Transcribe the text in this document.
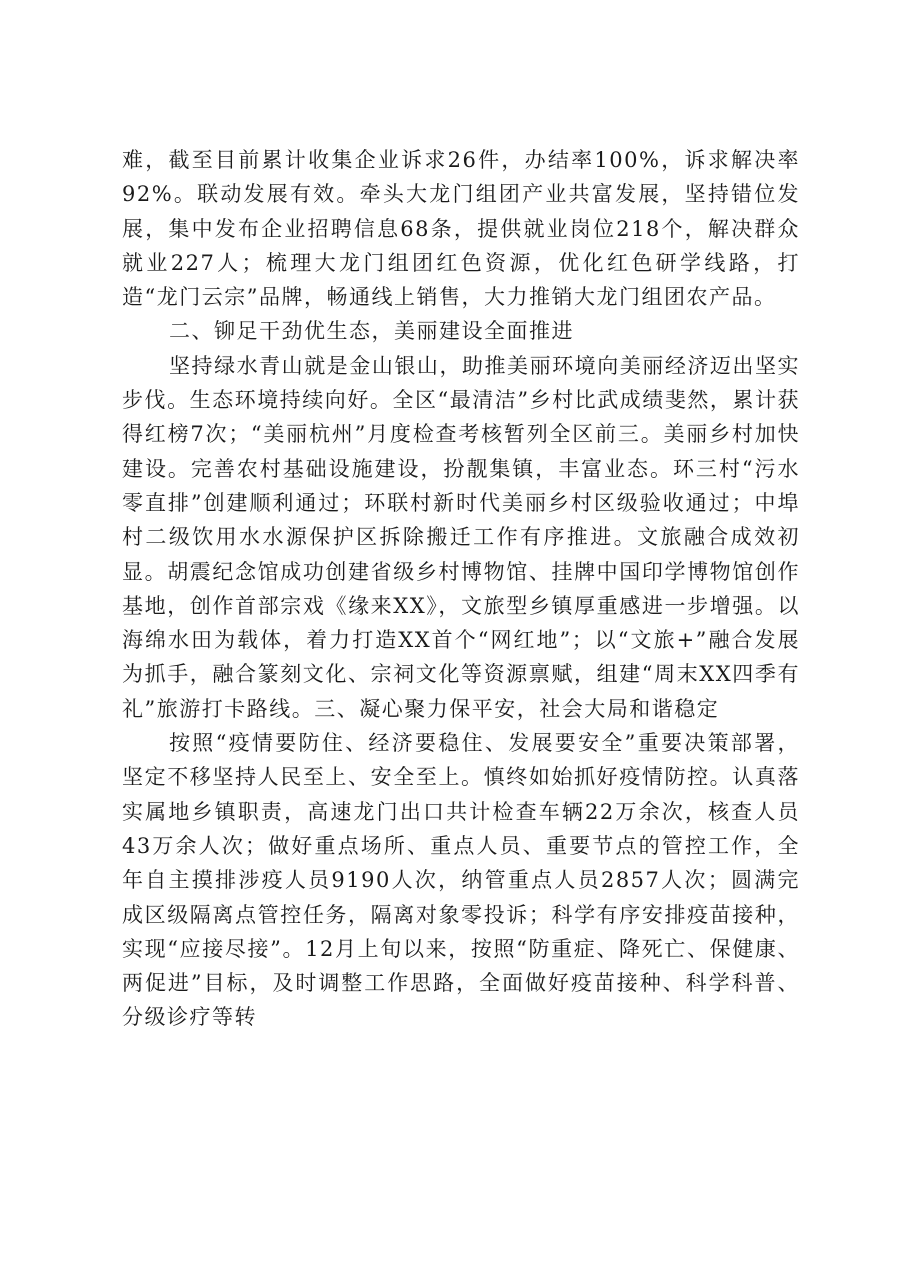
难，截至目前累计收集企业诉求26件，办结率100%，诉求解决率92%。联动发展有效。牵头大龙门组团产业共富发展，坚持错位发展，集中发布企业招聘信息68条，提供就业岗位218个，解决群众就业227人；梳理大龙门组团红色资源，优化红色研学线路，打造“龙门云宗”品牌，畅通线上销售，大力推销大龙门组团农产品。

二、铆足干劲优生态，美丽建设全面推进

坚持绿水青山就是金山银山，助推美丽环境向美丽经济迈出坚实步伐。生态环境持续向好。全区“最清洁”乡村比武成绩斐然，累计获得红榜7次；“美丽杭州”月度检查考核暂列全区前三。美丽乡村加快建设。完善农村基础设施建设，扮靓集镇，丰富业态。环三村“污水零直排”创建顺利通过；环联村新时代美丽乡村区级验收通过；中埠村二级饮用水水源保护区拆除搬迁工作有序推进。文旅融合成效初显。胡震纪念馆成功创建省级乡村博物馆、挂牌中国印学博物馆创作基地，创作首部宗戏《缘来XX》，文旅型乡镇厚重感进一步增强。以海绵水田为载体，着力打造XX首个“网红地”；以“文旅+”融合发展为抓手，融合篆刻文化、宗祠文化等资源禀赋，组建“周末XX四季有礼”旅游打卡路线。三、凝心聚力保平安，社会大局和谐稳定

按照“疫情要防住、经济要稳住、发展要安全”重要决策部署，坚定不移坚持人民至上、安全至上。慎终如始抓好疫情防控。认真落实属地乡镇职责，高速龙门出口共计检查车辆22万余次，核查人员43万余人次；做好重点场所、重点人员、重要节点的管控工作，全年自主摸排涉疫人员9190人次，纳管重点人员2857人次；圆满完成区级隔离点管控任务，隔离对象零投诉；科学有序安排疫苗接种，实现“应接尽接”。12月上旬以来，按照“防重症、降死亡、保健康、两促进”目标，及时调整工作思路，全面做好疫苗接种、科学科普、分级诊疗等转
